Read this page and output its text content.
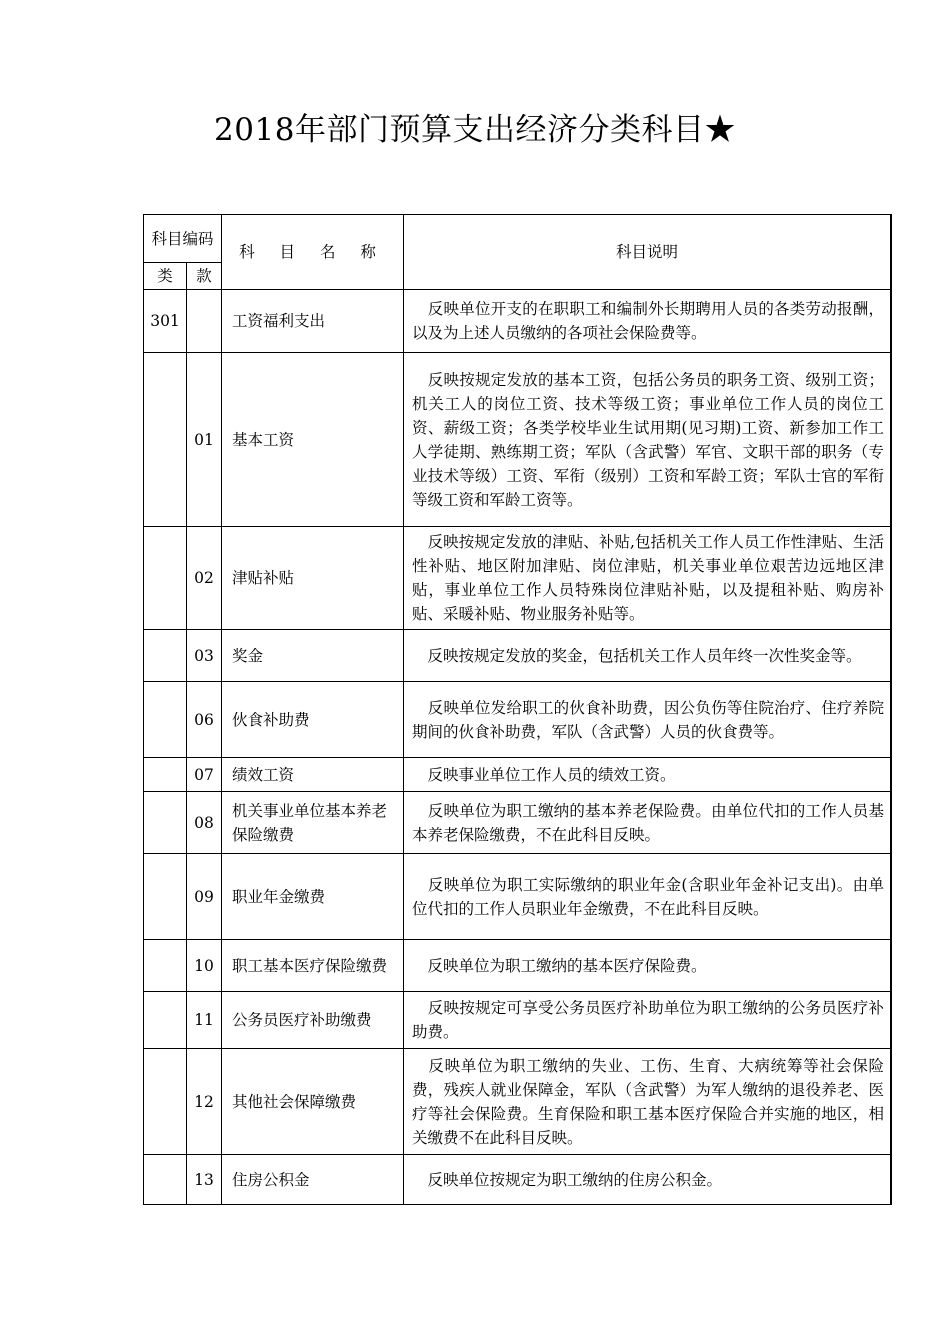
2018年部门预算支出经济分类科目★
科目编码		科 目 名 称	科目说明
类	款		
301		工资福利支出	　反映单位开支的在职职工和编制外长期聘用人员的各类劳动报酬，以及为上述人员缴纳的各项社会保险费等。
	01	基本工资	　反映按规定发放的基本工资，包括公务员的职务工资、级别工资；机关工人的岗位工资、技术等级工资；事业单位工作人员的岗位工资、薪级工资；各类学校毕业生试用期(见习期)工资、新参加工作工人学徒期、熟练期工资；军队（含武警）军官、文职干部的职务（专业技术等级）工资、军衔（级别）工资和军龄工资；军队士官的军衔等级工资和军龄工资等。
	02	津贴补贴	　反映按规定发放的津贴、补贴,包括机关工作人员工作性津贴、生活性补贴、地区附加津贴、岗位津贴，机关事业单位艰苦边远地区津贴，事业单位工作人员特殊岗位津贴补贴，以及提租补贴、购房补贴、采暖补贴、物业服务补贴等。
	03	奖金	　反映按规定发放的奖金，包括机关工作人员年终一次性奖金等。
	06	伙食补助费	　反映单位发给职工的伙食补助费，因公负伤等住院治疗、住疗养院期间的伙食补助费，军队（含武警）人员的伙食费等。
	07	绩效工资	　反映事业单位工作人员的绩效工资。
	08	机关事业单位基本养老保险缴费	　反映单位为职工缴纳的基本养老保险费。由单位代扣的工作人员基本养老保险缴费，不在此科目反映。
	09	职业年金缴费	　反映单位为职工实际缴纳的职业年金(含职业年金补记支出)。由单位代扣的工作人员职业年金缴费，不在此科目反映。
	10	职工基本医疗保险缴费	　反映单位为职工缴纳的基本医疗保险费。
	11	公务员医疗补助缴费	　反映按规定可享受公务员医疗补助单位为职工缴纳的公务员医疗补助费。
	12	其他社会保障缴费	　反映单位为职工缴纳的失业、工伤、生育、大病统筹等社会保险费，残疾人就业保障金，军队（含武警）为军人缴纳的退役养老、医疗等社会保险费。生育保险和职工基本医疗保险合并实施的地区，相关缴费不在此科目反映。
	13	住房公积金	　反映单位按规定为职工缴纳的住房公积金。
